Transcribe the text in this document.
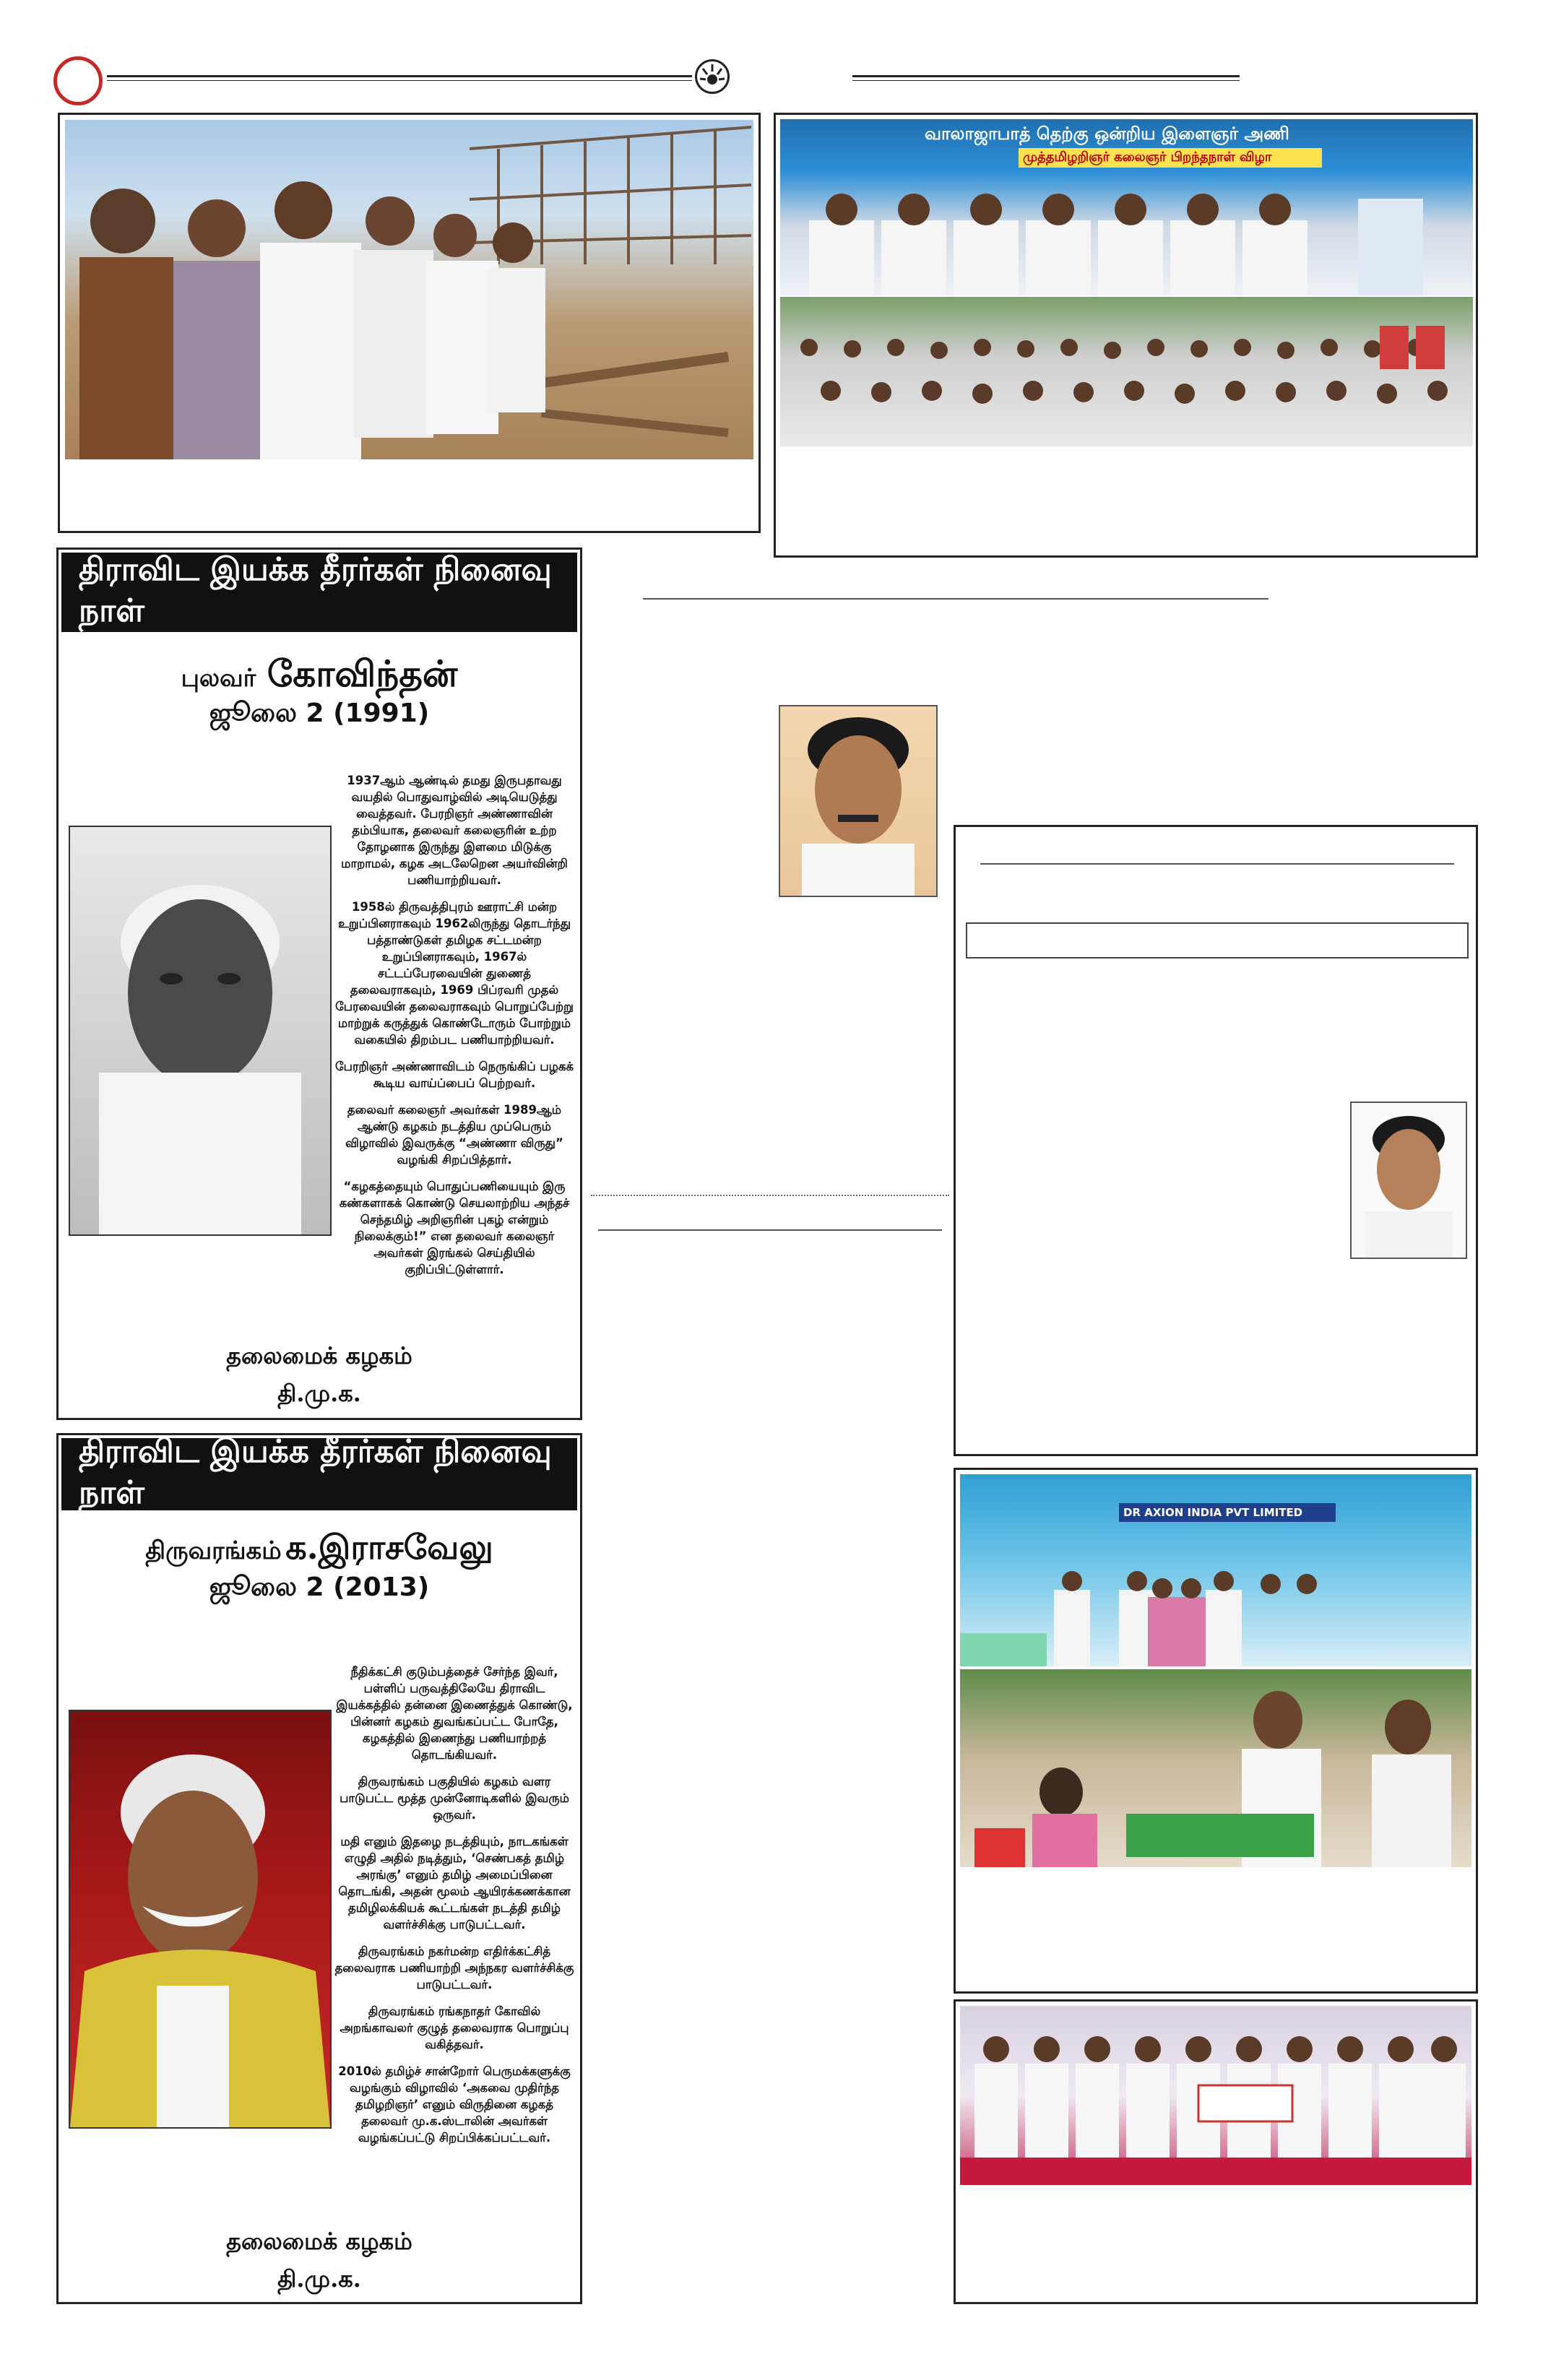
வாலாஜாபாத் தெற்கு ஒன்றிய இளைஞர் அணி
முத்தமிழறிஞர் கலைஞர் பிறந்தநாள் விழா
திராவிட இயக்க தீரர்கள் நினைவு நாள்
புலவர் கோவிந்தன்
ஜூலை 2 (1991)

1937ஆம் ஆண்டில் தமது இருபதாவது வயதில் பொதுவாழ்வில் அடியெடுத்து வைத்தவர். பேரறிஞர் அண்ணாவின் தம்பியாக, தலைவர் கலைஞரின் உற்ற தோழனாக இருந்து இளமை மிடுக்கு மாறாமல், கழக அடலேறென அயர்வின்றி பணியாற்றியவர்.

1958ல் திருவத்திபுரம் ஊராட்சி மன்ற உறுப்பினராகவும் 1962லிருந்து தொடர்ந்து பத்தாண்டுகள் தமிழக சட்டமன்ற உறுப்பினராகவும், 1967ல் சட்டப்பேரவையின் துணைத் தலைவராகவும், 1969 பிப்ரவரி முதல் பேரவையின் தலைவராகவும் பொறுப்பேற்று மாற்றுக் கருத்துக் கொண்டோரும் போற்றும் வகையில் திறம்பட பணியாற்றியவர்.

பேரறிஞர் அண்ணாவிடம் நெருங்கிப் பழகக் கூடிய வாய்ப்பைப் பெற்றவர்.

தலைவர் கலைஞர் அவர்கள் 1989ஆம் ஆண்டு கழகம் நடத்திய முப்பெரும் விழாவில் இவருக்கு “அண்ணா விருது” வழங்கி சிறப்பித்தார்.

“கழகத்தையும் பொதுப்பணியையும் இரு கண்களாகக் கொண்டு செயலாற்றிய அந்தச் செந்தமிழ் அறிஞரின் புகழ் என்றும் நிலைக்கும்!” என தலைவர் கலைஞர் அவர்கள் இரங்கல் செய்தியில் குறிப்பிட்டுள்ளார்.

தலைமைக் கழகம்
தி.மு.க.
திராவிட இயக்க தீரர்கள் நினைவு நாள்
திருவரங்கம் க.இராசவேலு
ஜூலை 2 (2013)

நீதிக்கட்சி குடும்பத்தைச் சேர்ந்த இவர், பள்ளிப் பருவத்திலேயே திராவிட இயக்கத்தில் தன்னை இணைத்துக் கொண்டு, பின்னர் கழகம் துவங்கப்பட்ட போதே, கழகத்தில் இணைந்து பணியாற்றத் தொடங்கியவர்.

திருவரங்கம் பகுதியில் கழகம் வளர பாடுபட்ட மூத்த முன்னோடிகளில் இவரும் ஒருவர்.

மதி எனும் இதழை நடத்தியும், நாடகங்கள் எழுதி அதில் நடித்தும், ‘செண்பகத் தமிழ் அரங்கு’ எனும் தமிழ் அமைப்பினை தொடங்கி, அதன் மூலம் ஆயிரக்கணக்கான தமிழிலக்கியக் கூட்டங்கள் நடத்தி தமிழ் வளர்ச்சிக்கு பாடுபட்டவர்.

திருவரங்கம் நகர்மன்ற எதிர்க்கட்சித் தலைவராக பணியாற்றி அந்நகர வளர்ச்சிக்கு பாடுபட்டவர்.

திருவரங்கம் ரங்கநாதர் கோவில் அறங்காவலர் குழுத் தலைவராக பொறுப்பு வகித்தவர்.

2010ல் தமிழ்ச் சான்றோர் பெருமக்களுக்கு வழங்கும் விழாவில் ‘அகவை முதிர்ந்த தமிழறிஞர்’ எனும் விருதினை கழகத் தலைவர் மு.க.ஸ்டாலின் அவர்கள் வழங்கப்பட்டு சிறப்பிக்கப்பட்டவர்.

தலைமைக் கழகம்
தி.மு.க.
DR AXION INDIA PVT LIMITED
